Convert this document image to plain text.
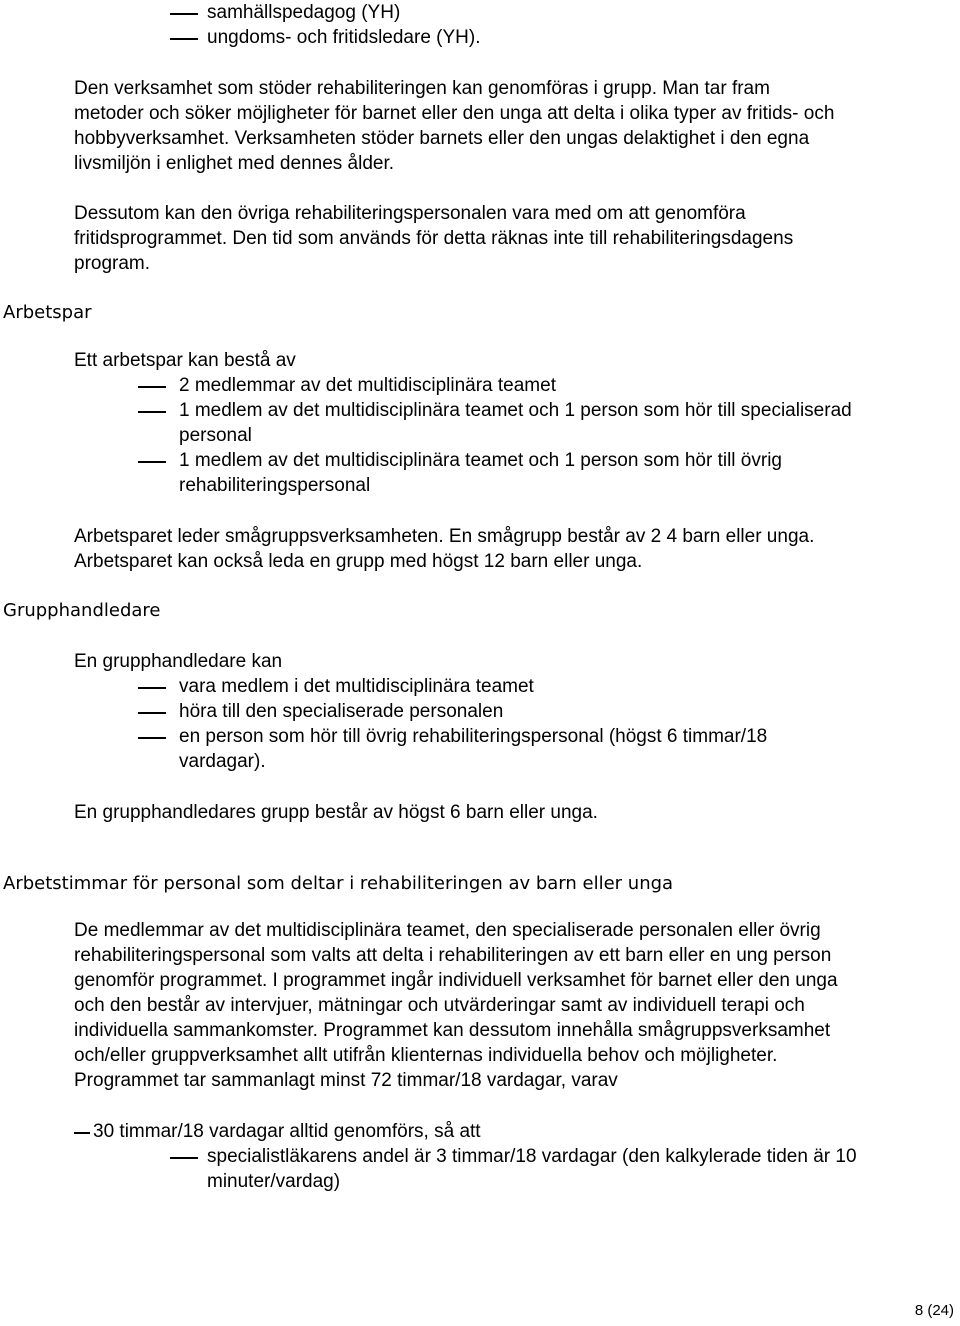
samhällspedagog (YH)
ungdoms- och fritidsledare (YH).
Den verksamhet som stöder rehabiliteringen kan genomföras i grupp. Man tar fram
metoder och söker möjligheter för barnet eller den unga att delta i olika typer av fritids- och
hobbyverksamhet. Verksamheten stöder barnets eller den ungas delaktighet i den egna
livsmiljön i enlighet med dennes ålder.
Dessutom kan den övriga rehabiliteringspersonalen vara med om att genomföra
fritidsprogrammet. Den tid som används för detta räknas inte till rehabiliteringsdagens
program.
Arbetspar
Ett arbetspar kan bestå av
2 medlemmar av det multidisciplinära teamet
1 medlem av det multidisciplinära teamet och 1 person som hör till specialiserad
personal
1 medlem av det multidisciplinära teamet och 1 person som hör till övrig
rehabiliteringspersonal
Arbetsparet leder smågruppsverksamheten. En smågrupp består av 2 4 barn eller unga.
Arbetsparet kan också leda en grupp med högst 12 barn eller unga.
Grupphandledare
En grupphandledare kan
vara medlem i det multidisciplinära teamet
höra till den specialiserade personalen
en person som hör till övrig rehabiliteringspersonal (högst 6 timmar/18
vardagar).
En grupphandledares grupp består av högst 6 barn eller unga.
Arbetstimmar för personal som deltar i rehabiliteringen av barn eller unga
De medlemmar av det multidisciplinära teamet, den specialiserade personalen eller övrig
rehabiliteringspersonal som valts att delta i rehabiliteringen av ett barn eller en ung person
genomför programmet. I programmet ingår individuell verksamhet för barnet eller den unga
och den består av intervjuer, mätningar och utvärderingar samt av individuell terapi och
individuella sammankomster. Programmet kan dessutom innehålla smågruppsverksamhet
och/eller gruppverksamhet allt utifrån klienternas individuella behov och möjligheter.
Programmet tar sammanlagt minst 72 timmar/18 vardagar, varav
30 timmar/18 vardagar alltid genomförs, så att
specialistläkarens andel är 3 timmar/18 vardagar (den kalkylerade tiden är 10
minuter/vardag)
8 (24)
